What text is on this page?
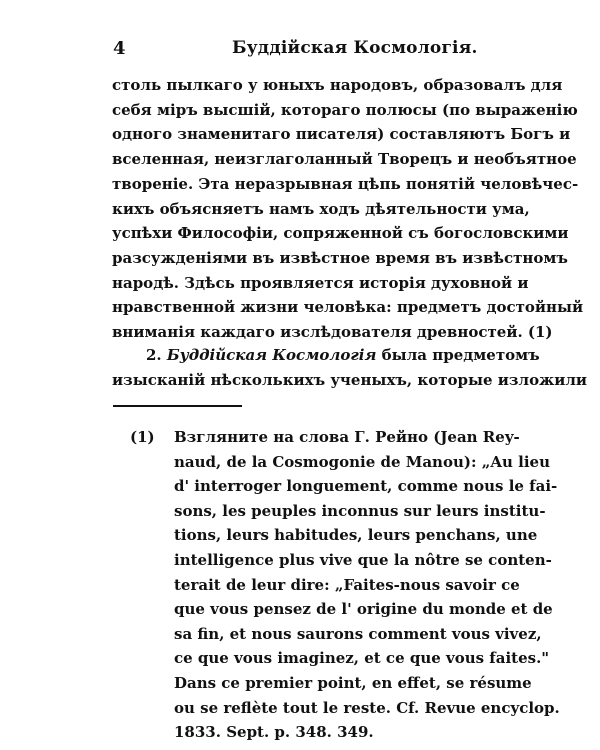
4	Буддійская Космологія.
столь пылкаго у юныхъ народовъ, образовалъ для
себя міръ высшій, котораго полюсы (по выраженію
одного знаменитаго писателя) составляютъ Богъ и
вселенная, неизглаголанный Творецъ и необъятное
твореніе. Эта неразрывная цѣпь понятій человѣчес-
кихъ объясняетъ намъ ходъ дѣятельности ума,
успѣхи Философіи, сопряженной съ богословскими
разсужденіями въ извѣстное время въ извѣстномъ
народѣ. Здѣсь проявляется исторія духовной и
нравственной жизни человѣка: предметъ достойный
вниманія каждаго изслѣдователя древностей. (1)
2. Буддійская Космологія была предметомъ
изысканій нѣсколькихъ ученыхъ, которые изложили
(1)	Взгляните на слова Г. Рейно (Jean Rey-
naud, de la Cosmogonie de Manou): „Au lieu
d' interroger longuement, comme nous le fai-
sons, les peuples inconnus sur leurs institu-
tions, leurs habitudes, leurs penchans, une
intelligence plus vive que la nôtre se conten-
terait de leur dire: „Faites-nous savoir ce
que vous pensez de l' origine du monde et de
sa fin, et nous saurons comment vous vivez,
ce que vous imaginez, et ce que vous faites."
Dans ce premier point, en effet, se résume
ou se reflète tout le reste. Cf. Revue encyclop.
1833. Sept. p. 348. 349.
